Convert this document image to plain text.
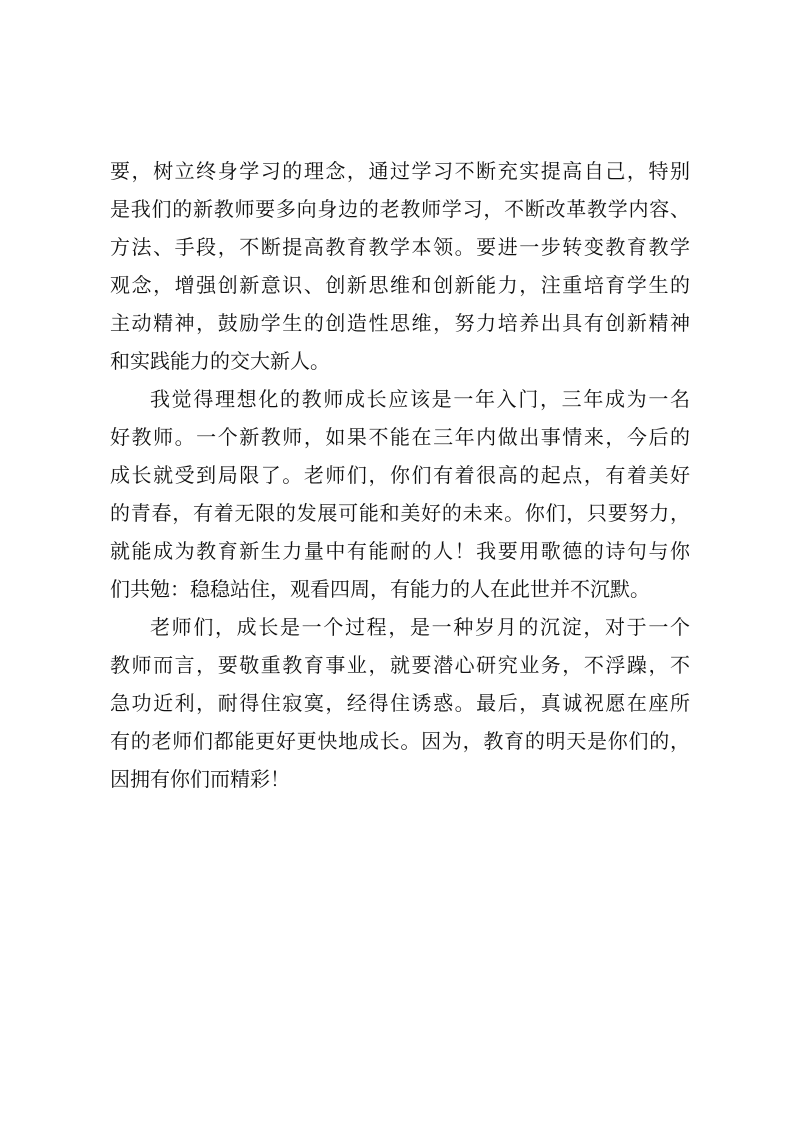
要，树立终身学习的理念，通过学习不断充实提高自己，特别
是我们的新教师要多向身边的老教师学习，不断改革教学内容、
方法、手段，不断提高教育教学本领。要进一步转变教育教学
观念，增强创新意识、创新思维和创新能力，注重培育学生的
主动精神，鼓励学生的创造性思维，努力培养出具有创新精神
和实践能力的交大新人。
我觉得理想化的教师成长应该是一年入门，三年成为一名
好教师。一个新教师，如果不能在三年内做出事情来，今后的
成长就受到局限了。老师们，你们有着很高的起点，有着美好
的青春，有着无限的发展可能和美好的未来。你们，只要努力，
就能成为教育新生力量中有能耐的人！我要用歌德的诗句与你
们共勉：稳稳站住，观看四周，有能力的人在此世并不沉默。
老师们，成长是一个过程，是一种岁月的沉淀，对于一个
教师而言，要敬重教育事业，就要潜心研究业务，不浮躁，不
急功近利，耐得住寂寞，经得住诱惑。最后，真诚祝愿在座所
有的老师们都能更好更快地成长。因为，教育的明天是你们的，
因拥有你们而精彩！
